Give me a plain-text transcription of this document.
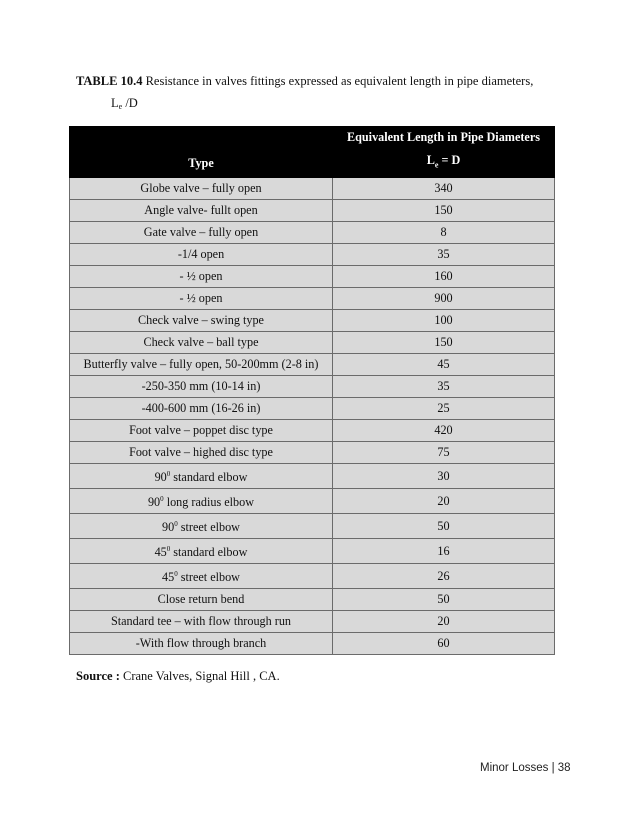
TABLE 10.4 Resistance in valves fittings expressed as equivalent length in pipe diameters,
$L_e$ /D
	Equivalent Length in Pipe Diameters
Type	$L_e = D$
Globe valve – fully open	340
Angle valve- fullt open	150
Gate valve – fully open	8
-1/4 open	35
- ½ open	160
- ½ open	900
Check valve – swing type	100
Check valve – ball type	150
Butterfly valve – fully open, 50-200mm (2-8 in)	45
-250-350 mm (10-14 in)	35
-400-600 mm (16-26 in)	25
Foot valve – poppet disc type	420
Foot valve – highed disc type	75
$90^0$ standard elbow	30
$90^0$ long radius elbow	20
$90^0$ street elbow	50
$45^0$ standard elbow	16
$45^0$ street elbow	26
Close return bend	50
Standard tee – with flow through run	20
-With flow through branch	60
Source : Crane Valves, Signal Hill , CA.
Minor Losses | 38
